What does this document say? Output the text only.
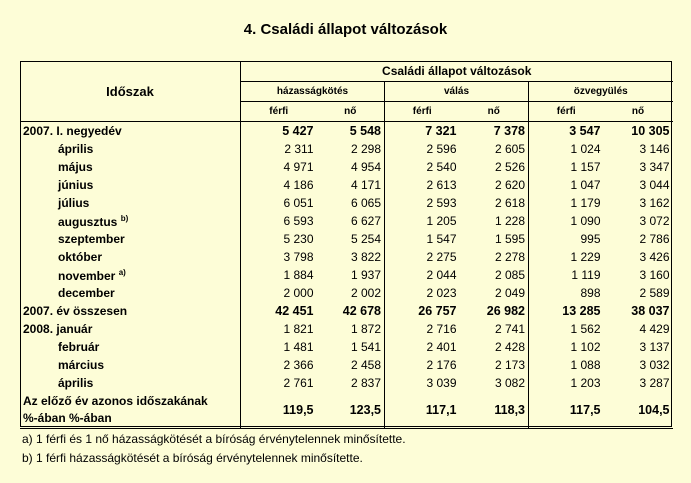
4. Családi állapot változások
Időszak	Családi állapot változások					
	házasságkötés		válás		özvegyülés	
	férfi	nő	férfi	nő	férfi	nő
2007. I. negyedév	5 427	5 548	7 321	7 378	3 547	10 305
április	2 311	2 298	2 596	2 605	1 024	3 146
május	4 971	4 954	2 540	2 526	1 157	3 347
június	4 186	4 171	2 613	2 620	1 047	3 044
július	6 051	6 065	2 593	2 618	1 179	3 162
augusztus $^{b)}$	6 593	6 627	1 205	1 228	1 090	3 072
szeptember	5 230	5 254	1 547	1 595	995	2 786
október	3 798	3 822	2 275	2 278	1 229	3 426
november $^{a)}$	1 884	1 937	2 044	2 085	1 119	3 160
december	2 000	2 002	2 023	2 049	898	2 589
2007. év összesen	42 451	42 678	26 757	26 982	13 285	38 037
2008. január	1 821	1 872	2 716	2 741	1 562	4 429
február	1 481	1 541	2 401	2 428	1 102	3 137
március	2 366	2 458	2 176	2 173	1 088	3 032
április	2 761	2 837	3 039	3 082	1 203	3 287

Az előző év azonos időszakának
%-ában %-ában	119,5	123,5	117,1	118,3	117,5	104,5
a) 1 férfi és 1 nő házasságkötését a bíróság érvénytelennek minősítette.
b) 1 férfi házasságkötését a bíróság érvénytelennek minősítette.
